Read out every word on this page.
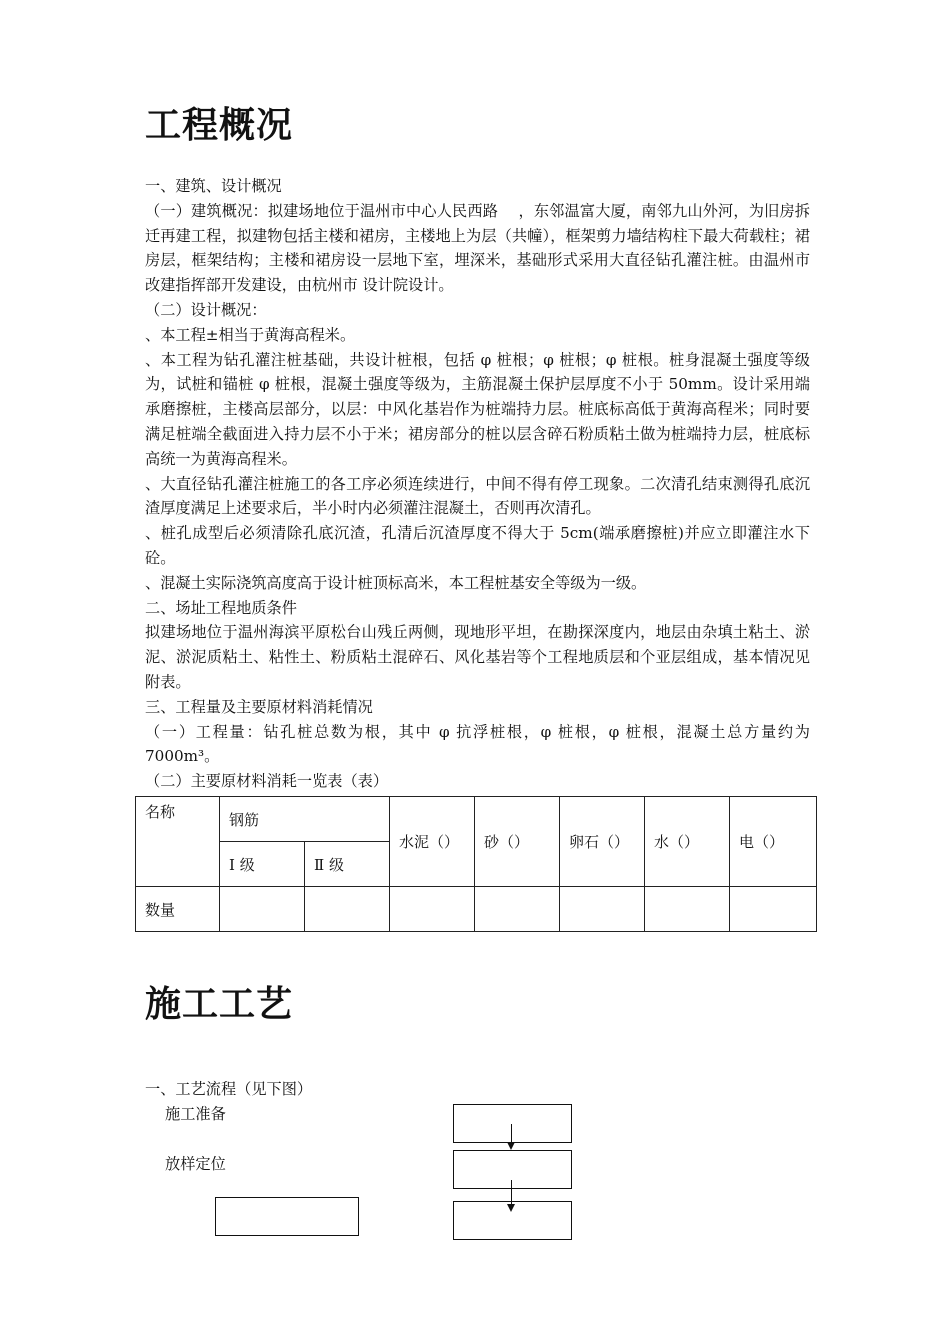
工程概况

一、建筑、设计概况

（一）建筑概况：拟建场地位于温州市中心人民西路　 ，东邻温富大厦，南邻九山外河，为旧房拆迁再建工程，拟建物包括主楼和裙房，主楼地上为层（共幢），框架剪力墙结构柱下最大荷载柱；裙房层，框架结构；主楼和裙房设一层地下室，埋深米，基础形式采用大直径钻孔灌注桩。由温州市 改建指挥部开发建设，由杭州市 设计院设计。

（二）设计概况：

、本工程±相当于黄海高程米。

、本工程为钻孔灌注桩基础，共设计桩根，包括 φ 桩根；φ 桩根；φ 桩根。桩身混凝土强度等级为，试桩和锚桩 φ 桩根，混凝土强度等级为，主筋混凝土保护层厚度不小于 50mm。设计采用端承磨擦桩，主楼高层部分，以层：中风化基岩作为桩端持力层。桩底标高低于黄海高程米；同时要满足桩端全截面进入持力层不小于米；裙房部分的桩以层含碎石粉质粘土做为桩端持力层，桩底标高统一为黄海高程米。

、大直径钻孔灌注桩施工的各工序必须连续进行，中间不得有停工现象。二次清孔结束测得孔底沉渣厚度满足上述要求后，半小时内必须灌注混凝土，否则再次清孔。

、桩孔成型后必须清除孔底沉渣，孔清后沉渣厚度不得大于 5cm(端承磨擦桩)并应立即灌注水下砼。

、混凝土实际浇筑高度高于设计桩顶标高米，本工程桩基安全等级为一级。

二、场址工程地质条件

拟建场地位于温州海滨平原松台山残丘两侧，现地形平坦，在勘探深度内，地层由杂填土粘土、淤泥、淤泥质粘土、粘性土、粉质粘土混碎石、风化基岩等个工程地质层和个亚层组成，基本情况见附表。

三、工程量及主要原材料消耗情况

（一）工程量：钻孔桩总数为根，其中 φ 抗浮桩根，φ 桩根，φ 桩根，混凝土总方量约为 7000m³。

（二）主要原材料消耗一览表（表）

名称	钢筋		水泥（）	砂（）	卵石（）	水（）	电（）
	Ⅰ 级	Ⅱ 级					
数量							
施工工艺
一、工艺流程（见下图）
施工准备
放样定位
